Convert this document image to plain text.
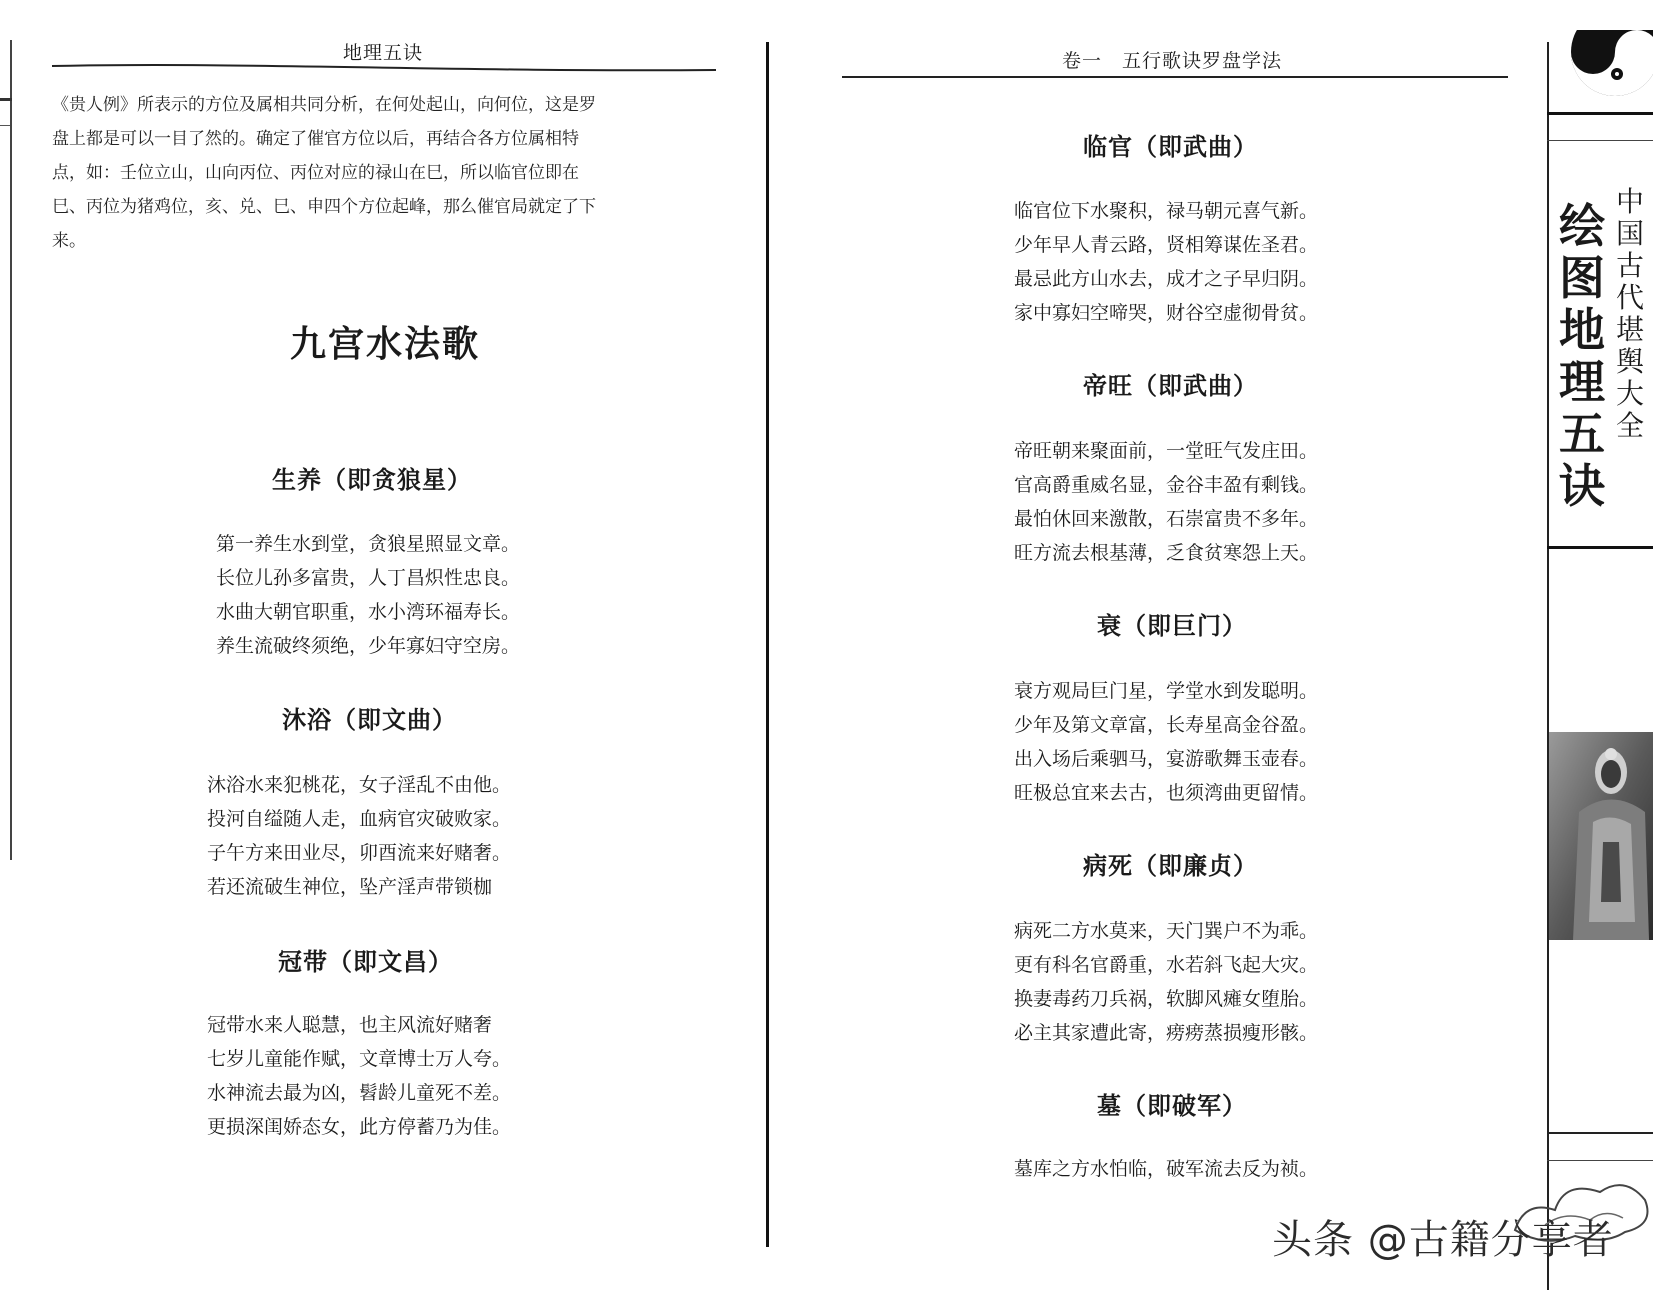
地理五诀

《贵人例》所表示的方位及属相共同分析，在何处起山，向何位，这是罗

盘上都是可以一目了然的。确定了催官方位以后，再结合各方位属相特

点，如：壬位立山，山向丙位、丙位对应的禄山在巳，所以临官位即在

巳、丙位为猪鸡位，亥、兑、巳、申四个方位起峰，那么催官局就定了下

来。

九宫水法歌
生养（即贪狼星）
第一养生水到堂，贪狼星照显文章。
长位儿孙多富贵，人丁昌炽性忠良。
水曲大朝官职重，水小湾环福寿长。
养生流破终须绝，少年寡妇守空房。
沐浴（即文曲）
沐浴水来犯桃花，女子淫乱不由他。
投河自缢随人走，血病官灾破败家。
子午方来田业尽，卯酉流来好赌奢。
若还流破生神位，坠产淫声带锁枷
冠带（即文昌）
冠带水来人聪慧，也主风流好赌奢
七岁儿童能作赋，文章博士万人夸。
水神流去最为凶，髫龄儿童死不差。
更损深闺娇态女，此方停蓄乃为佳。
卷一　五行歌诀罗盘学法
临官（即武曲）
临官位下水聚积，禄马朝元喜气新。
少年早人青云路，贤相筹谋佐圣君。
最忌此方山水去，成才之子早归阴。
家中寡妇空啼哭，财谷空虚彻骨贫。
帝旺（即武曲）
帝旺朝来聚面前，一堂旺气发庄田。
官高爵重威名显，金谷丰盈有剩钱。
最怕休回来激散，石崇富贵不多年。
旺方流去根基薄，乏食贫寒怨上天。
衰（即巨门）
衰方观局巨门星，学堂水到发聪明。
少年及第文章富，长寿星高金谷盈。
出入场后乘驷马，宴游歌舞玉壶春。
旺极总宜来去古，也须湾曲更留情。
病死（即廉贞）
病死二方水莫来，天门巽户不为乖。
更有科名官爵重，水若斜飞起大灾。
换妻毒药刀兵祸，软脚风瘫女堕胎。
必主其家遭此寄，痨痨蒸损瘦形骸。
墓（即破军）
墓库之方水怕临，破军流去反为祯。
绘图地理五诀
中国古代堪舆大全
头条 @古籍分享者
